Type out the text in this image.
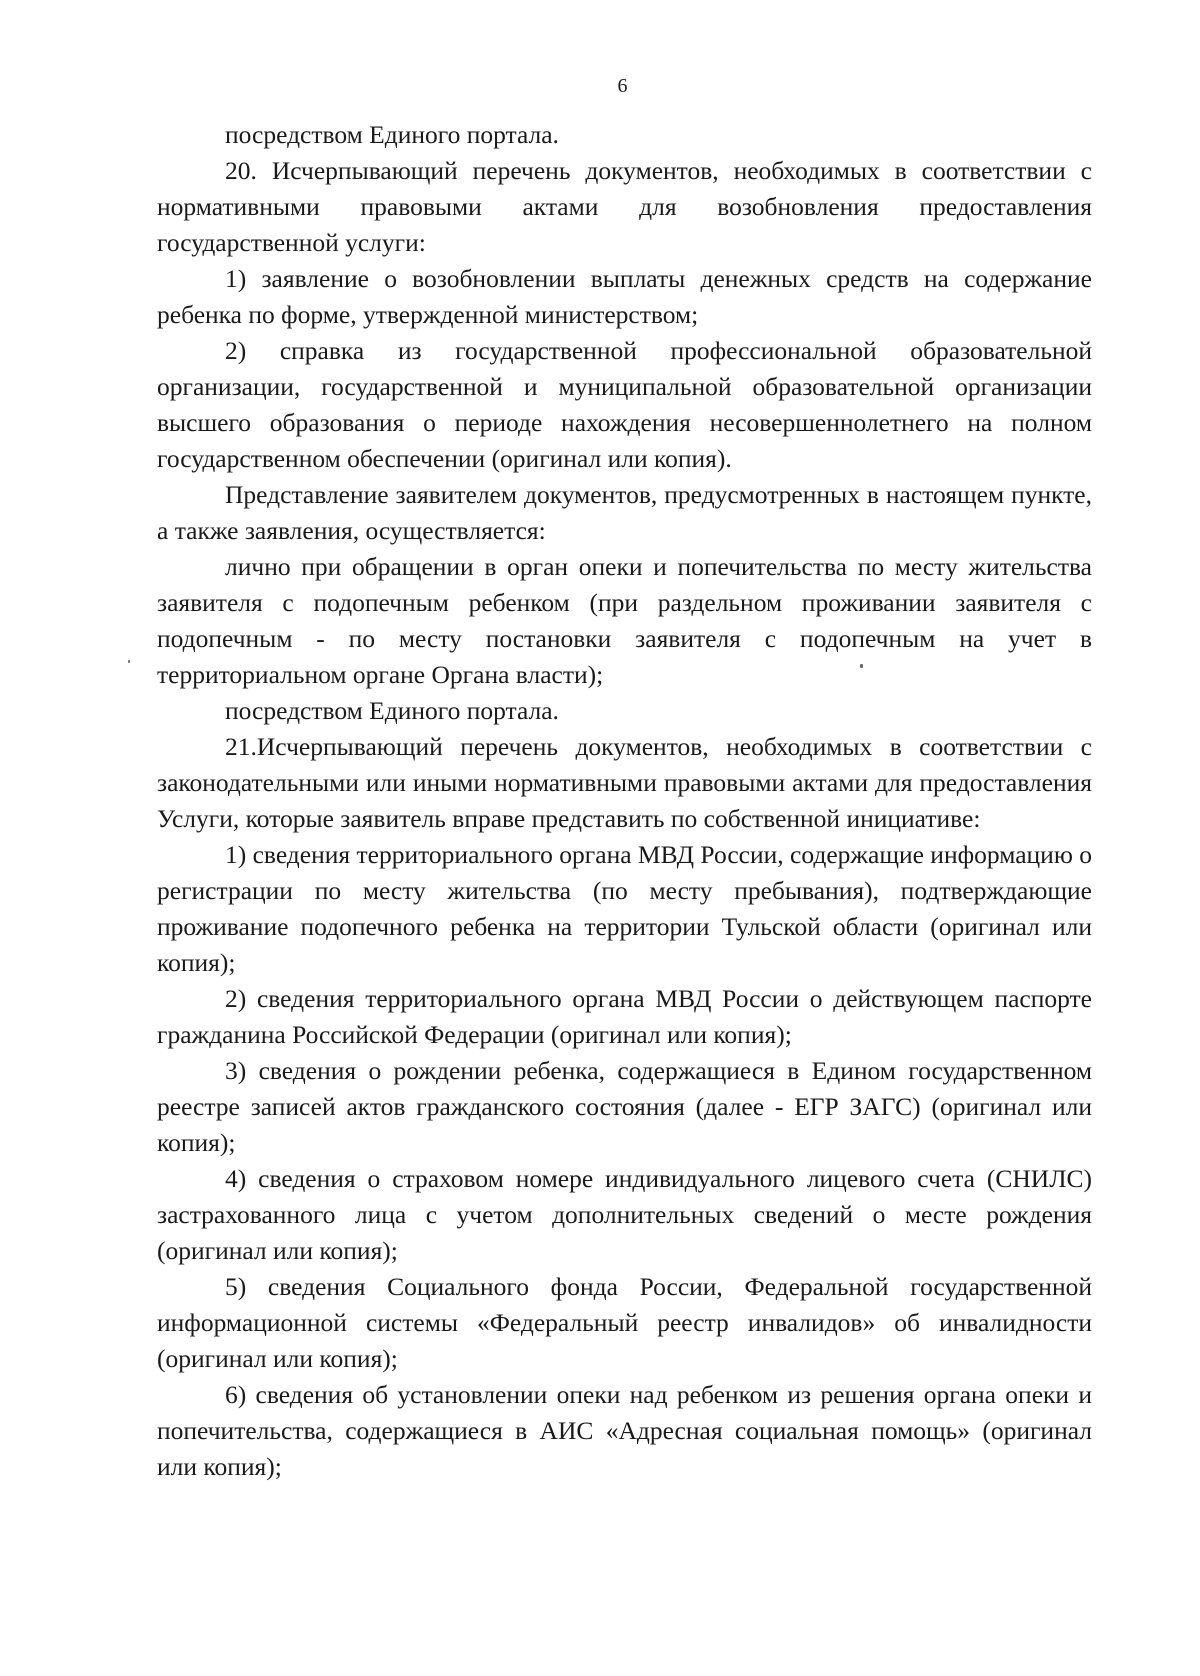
6

посредством Единого портала.

20. Исчерпывающий перечень документов, необходимых в соответствии с нормативными правовыми актами для возобновления предоставления государственной услуги:

1) заявление о возобновлении выплаты денежных средств на содержание ребенка по форме, утвержденной министерством;

2) справка из государственной профессиональной образовательной организации, государственной и муниципальной образовательной организации высшего образования о периоде нахождения несовершеннолетнего на полном государственном обеспечении (оригинал или копия).

Представление заявителем документов, предусмотренных в настоящем пункте, а также заявления, осуществляется:

лично при обращении в орган опеки и попечительства по месту жительства заявителя с подопечным ребенком (при раздельном проживании заявителя с подопечным - по месту постановки заявителя с подопечным на учет в территориальном органе Органа власти);

посредством Единого портала.

21.Исчерпывающий перечень документов, необходимых в соответствии с законодательными или иными нормативными правовыми актами для предоставления Услуги, которые заявитель вправе представить по собственной инициативе:

1) сведения территориального органа МВД России, содержащие информацию о регистрации по месту жительства (по месту пребывания), подтверждающие проживание подопечного ребенка на территории Тульской области (оригинал или копия);

2) сведения территориального органа МВД России о действующем паспорте гражданина Российской Федерации (оригинал или копия);

3) сведения о рождении ребенка, содержащиеся в Едином государственном реестре записей актов гражданского состояния (далее - ЕГР ЗАГС) (оригинал или копия);

4) сведения о страховом номере индивидуального лицевого счета (СНИЛС) застрахованного лица с учетом дополнительных сведений о месте рождения (оригинал или копия);

5) сведения Социального фонда России, Федеральной государственной информационной системы «Федеральный реестр инвалидов» об инвалидности (оригинал или копия);

6) сведения об установлении опеки над ребенком из решения органа опеки и попечительства, содержащиеся в АИС «Адресная социальная помощь» (оригинал или копия);
